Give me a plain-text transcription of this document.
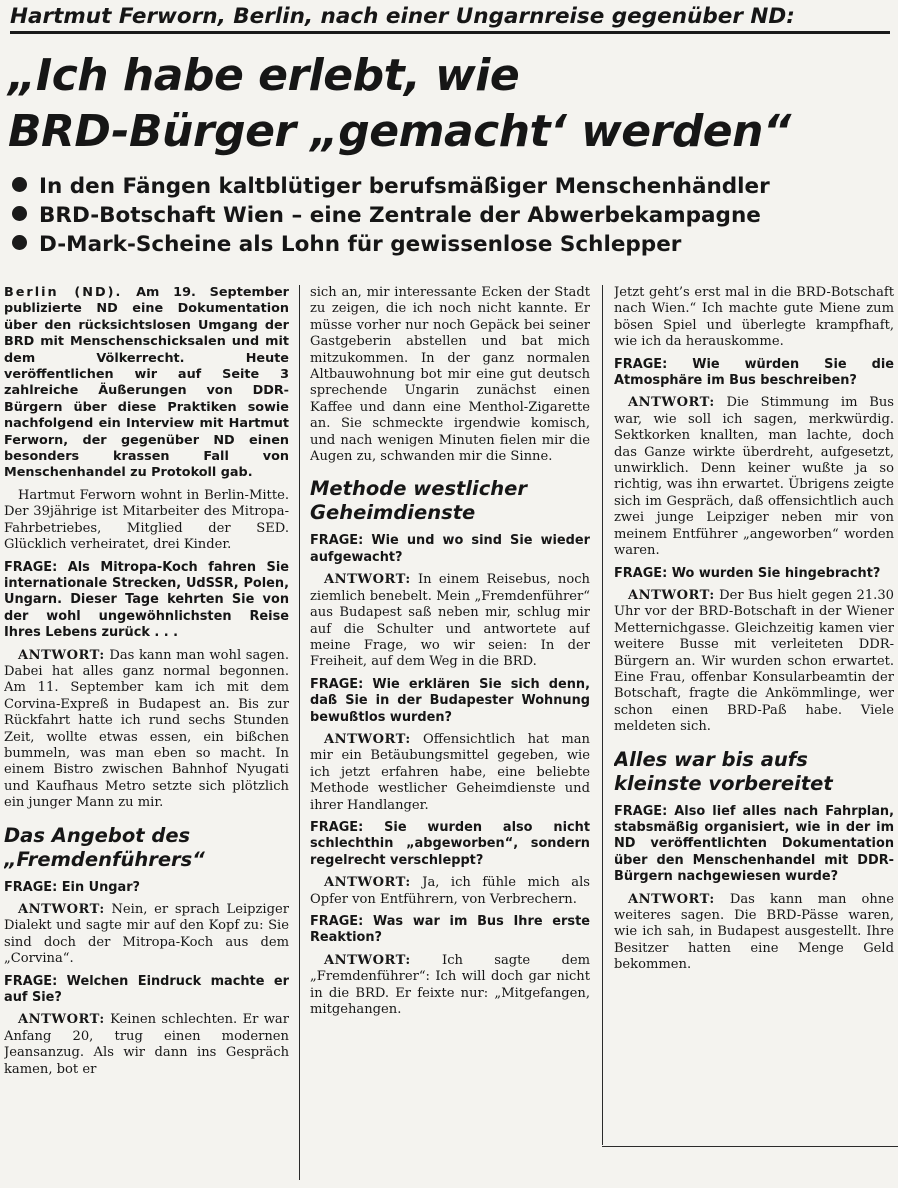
Hartmut Ferworn, Berlin, nach einer Ungarnreise gegenüber ND:
„Ich habe erlebt, wie
BRD-Bürger „gemacht‘ werden“
In den Fängen kaltblütiger berufsmäßiger Menschenhändler
BRD-Botschaft Wien – eine Zentrale der Abwerbekampagne
D-Mark-Scheine als Lohn für gewissenlose Schlepper

Berlin (ND). Am 19. September publizierte ND eine Dokumentation über den rücksichtslosen Umgang der BRD mit Menschenschicksalen und mit dem Völkerrecht. Heute veröffentlichen wir auf Seite 3 zahlreiche Äußerungen von DDR-Bürgern über diese Praktiken sowie nachfolgend ein Interview mit Hartmut Ferworn, der gegenüber ND einen besonders krassen Fall von Menschenhandel zu Protokoll gab.

Hartmut Ferworn wohnt in Berlin-Mitte. Der 39jährige ist Mitarbeiter des Mitropa-Fahrbetriebes, Mitglied der SED. Glücklich verheiratet, drei Kinder.

FRAGE: Als Mitropa-Koch fahren Sie internationale Strecken, UdSSR, Polen, Ungarn. Dieser Tage kehrten Sie von der wohl ungewöhnlichsten Reise Ihres Lebens zurück . . .

ANTWORT: Das kann man wohl sagen. Dabei hat alles ganz normal begonnen. Am 11. September kam ich mit dem Corvina-Expreß in Budapest an. Bis zur Rückfahrt hatte ich rund sechs Stunden Zeit, wollte etwas essen, ein bißchen bummeln, was man eben so macht. In einem Bistro zwischen Bahnhof Nyugati und Kaufhaus Metro setzte sich plötzlich ein junger Mann zu mir.

Das Angebot des „Fremdenführers“

FRAGE: Ein Ungar?

ANTWORT: Nein, er sprach Leipziger Dialekt und sagte mir auf den Kopf zu: Sie sind doch der Mitropa-Koch aus dem „Corvina“.

FRAGE: Welchen Eindruck machte er auf Sie?

ANTWORT: Keinen schlechten. Er war Anfang 20, trug einen modernen Jeansanzug. Als wir dann ins Gespräch kamen, bot er

sich an, mir interessante Ecken der Stadt zu zeigen, die ich noch nicht kannte. Er müsse vorher nur noch Gepäck bei seiner Gastgeberin abstellen und bat mich mitzukommen. In der ganz normalen Altbauwohnung bot mir eine gut deutsch sprechende Ungarin zunächst einen Kaffee und dann eine Menthol-Zigarette an. Sie schmeckte irgendwie komisch, und nach wenigen Minuten fielen mir die Augen zu, schwanden mir die Sinne.

Methode westlicher Geheimdienste

FRAGE: Wie und wo sind Sie wieder aufgewacht?

ANTWORT: In einem Reisebus, noch ziemlich benebelt. Mein „Fremdenführer“ aus Budapest saß neben mir, schlug mir auf die Schulter und antwortete auf meine Frage, wo wir seien: In der Freiheit, auf dem Weg in die BRD.

FRAGE: Wie erklären Sie sich denn, daß Sie in der Budapester Wohnung bewußtlos wurden?

ANTWORT: Offensichtlich hat man mir ein Betäubungsmittel gegeben, wie ich jetzt erfahren habe, eine beliebte Methode westlicher Geheimdienste und ihrer Handlanger.

FRAGE: Sie wurden also nicht schlechthin „abgeworben“, sondern regelrecht verschleppt?

ANTWORT: Ja, ich fühle mich als Opfer von Entführern, von Verbrechern.

FRAGE: Was war im Bus Ihre erste Reaktion?

ANTWORT: Ich sagte dem „Fremdenführer“: Ich will doch gar nicht in die BRD. Er feixte nur: „Mitgefangen, mitgehangen.

Jetzt geht’s erst mal in die BRD-Botschaft nach Wien.“ Ich machte gute Miene zum bösen Spiel und überlegte krampfhaft, wie ich da herauskomme.

FRAGE: Wie würden Sie die Atmosphäre im Bus beschreiben?

ANTWORT: Die Stimmung im Bus war, wie soll ich sagen, merkwürdig. Sektkorken knallten, man lachte, doch das Ganze wirkte überdreht, aufgesetzt, unwirklich. Denn keiner wußte ja so richtig, was ihn erwartet. Übrigens zeigte sich im Gespräch, daß offensichtlich auch zwei junge Leipziger neben mir von meinem Entführer „angeworben“ worden waren.

FRAGE: Wo wurden Sie hingebracht?

ANTWORT: Der Bus hielt gegen 21.30 Uhr vor der BRD-Botschaft in der Wiener Metternichgasse. Gleichzeitig kamen vier weitere Busse mit verleiteten DDR-Bürgern an. Wir wurden schon erwartet. Eine Frau, offenbar Konsularbeamtin der Botschaft, fragte die Ankömmlinge, wer schon einen BRD-Paß habe. Viele meldeten sich.

Alles war bis aufs kleinste vorbereitet

FRAGE: Also lief alles nach Fahrplan, stabsmäßig organisiert, wie in der im ND veröffentlichten Dokumentation über den Menschenhandel mit DDR-Bürgern nachgewiesen wurde?

ANTWORT: Das kann man ohne weiteres sagen. Die BRD-Pässe waren, wie ich sah, in Budapest ausgestellt. Ihre Besitzer hatten eine Menge Geld bekommen.
